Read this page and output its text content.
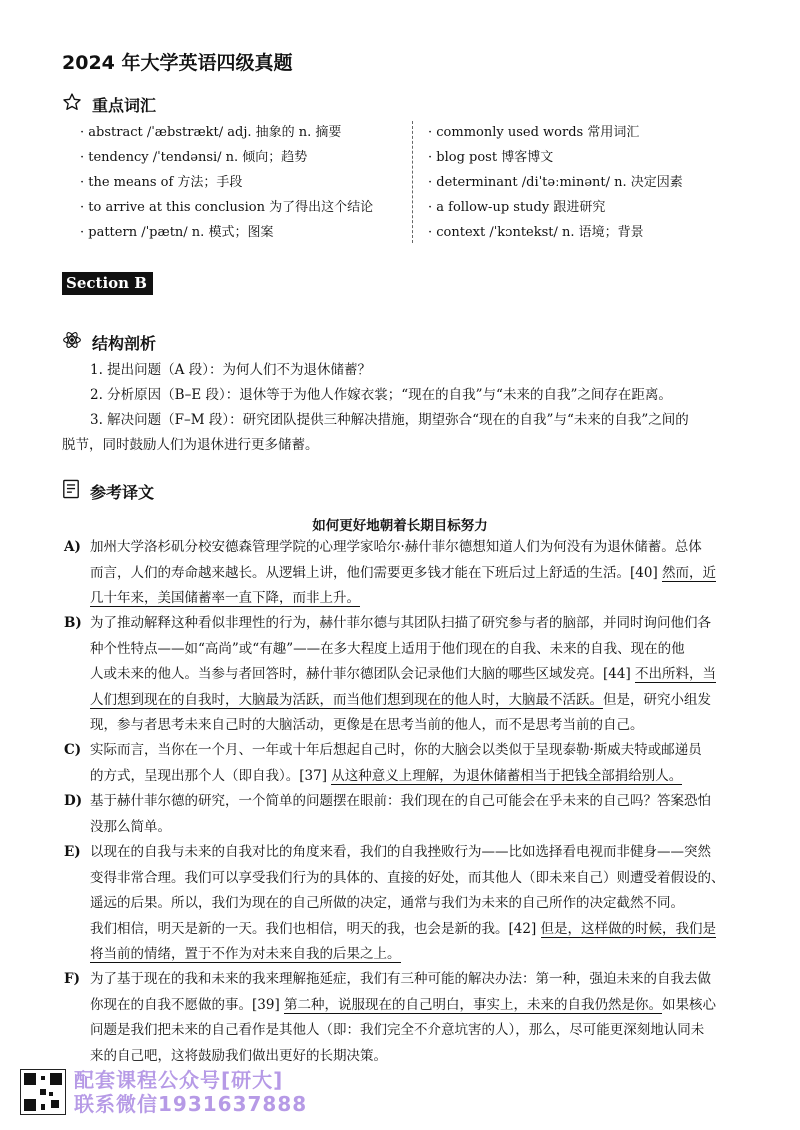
2024 年大学英语四级真题
重点词汇
· abstract /ˈæbstrækt/ adj. 抽象的 n. 摘要
· tendency /ˈtendənsi/ n. 倾向；趋势
· the means of 方法；手段
· to arrive at this conclusion 为了得出这个结论
· pattern /ˈpætn/ n. 模式；图案
· commonly used words 常用词汇
· blog post 博客博文
· determinant /diˈtəːminənt/ n. 决定因素
· a follow-up study 跟进研究
· context /ˈkɔntekst/ n. 语境；背景
Section B
结构剖析
1. 提出问题（A 段）：为何人们不为退休储蓄？
2. 分析原因（B–E 段）：退休等于为他人作嫁衣裳；“现在的自我”与“未来的自我”之间存在距离。
3. 解决问题（F–M 段）：研究团队提供三种解决措施，期望弥合“现在的自我”与“未来的自我”之间的
脱节，同时鼓励人们为退休进行更多储蓄。
参考译文
如何更好地朝着长期目标努力
A) 加州大学洛杉矶分校安德森管理学院的心理学家哈尔·赫什菲尔德想知道人们为何没有为退休储蓄。总体
而言，人们的寿命越来越长。从逻辑上讲，他们需要更多钱才能在下班后过上舒适的生活。[40] 然而，近
几十年来，美国储蓄率一直下降，而非上升。
B) 为了推动解释这种看似非理性的行为，赫什菲尔德与其团队扫描了研究参与者的脑部，并同时询问他们各
种个性特点——如“高尚”或“有趣”——在多大程度上适用于他们现在的自我、未来的自我、现在的他
人或未来的他人。当参与者回答时，赫什菲尔德团队会记录他们大脑的哪些区域发亮。[44] 不出所料，当
人们想到现在的自我时，大脑最为活跃，而当他们想到现在的他人时，大脑最不活跃。但是，研究小组发
现，参与者思考未来自己时的大脑活动，更像是在思考当前的他人，而不是思考当前的自己。
C) 实际而言，当你在一个月、一年或十年后想起自己时，你的大脑会以类似于呈现泰勒·斯威夫特或邮递员
的方式，呈现出那个人（即自我）。[37] 从这种意义上理解，为退休储蓄相当于把钱全部捐给别人。
D) 基于赫什菲尔德的研究，一个简单的问题摆在眼前：我们现在的自己可能会在乎未来的自己吗？答案恐怕
没那么简单。
E) 以现在的自我与未来的自我对比的角度来看，我们的自我挫败行为——比如选择看电视而非健身——突然
变得非常合理。我们可以享受我们行为的具体的、直接的好处，而其他人（即未来自己）则遭受着假设的、
遥远的后果。所以，我们为现在的自己所做的决定，通常与我们为未来的自己所作的决定截然不同。
我们相信，明天是新的一天。我们也相信，明天的我，也会是新的我。[42] 但是，这样做的时候，我们是
将当前的情绪，置于不作为对未来自我的后果之上。
F) 为了基于现在的我和未来的我来理解拖延症，我们有三种可能的解决办法：第一种，强迫未来的自我去做
你现在的自我不愿做的事。[39] 第二种，说服现在的自己明白，事实上，未来的自我仍然是你。如果核心
问题是我们把未来的自己看作是其他人（即：我们完全不介意坑害的人），那么，尽可能更深刻地认同未
来的自己吧，这将鼓励我们做出更好的长期决策。
配套课程公众号[研大]
联系微信1931637888
